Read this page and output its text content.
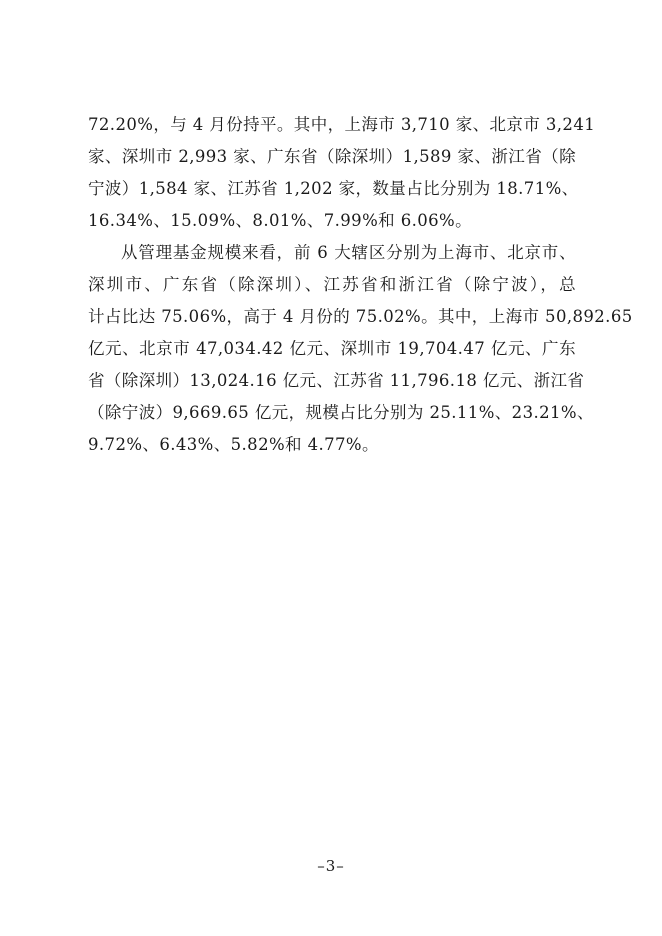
72.20%，与 4 月份持平。其中，上海市 3,710 家、北京市 3,241
家、深圳市 2,993 家、广东省（除深圳）1,589 家、浙江省（除
宁波）1,584 家、江苏省 1,202 家，数量占比分别为 18.71%、
16.34%、15.09%、8.01%、7.99%和 6.06%。
从管理基金规模来看，前 6 大辖区分别为上海市、北京市、
深圳市、广东省（除深圳）、江苏省和浙江省（除宁波），总
计占比达 75.06%，高于 4 月份的 75.02%。其中，上海市 50,892.65
亿元、北京市 47,034.42 亿元、深圳市 19,704.47 亿元、广东
省（除深圳）13,024.16 亿元、江苏省 11,796.18 亿元、浙江省
（除宁波）9,669.65 亿元，规模占比分别为 25.11%、23.21%、
9.72%、6.43%、5.82%和 4.77%。
–3–
